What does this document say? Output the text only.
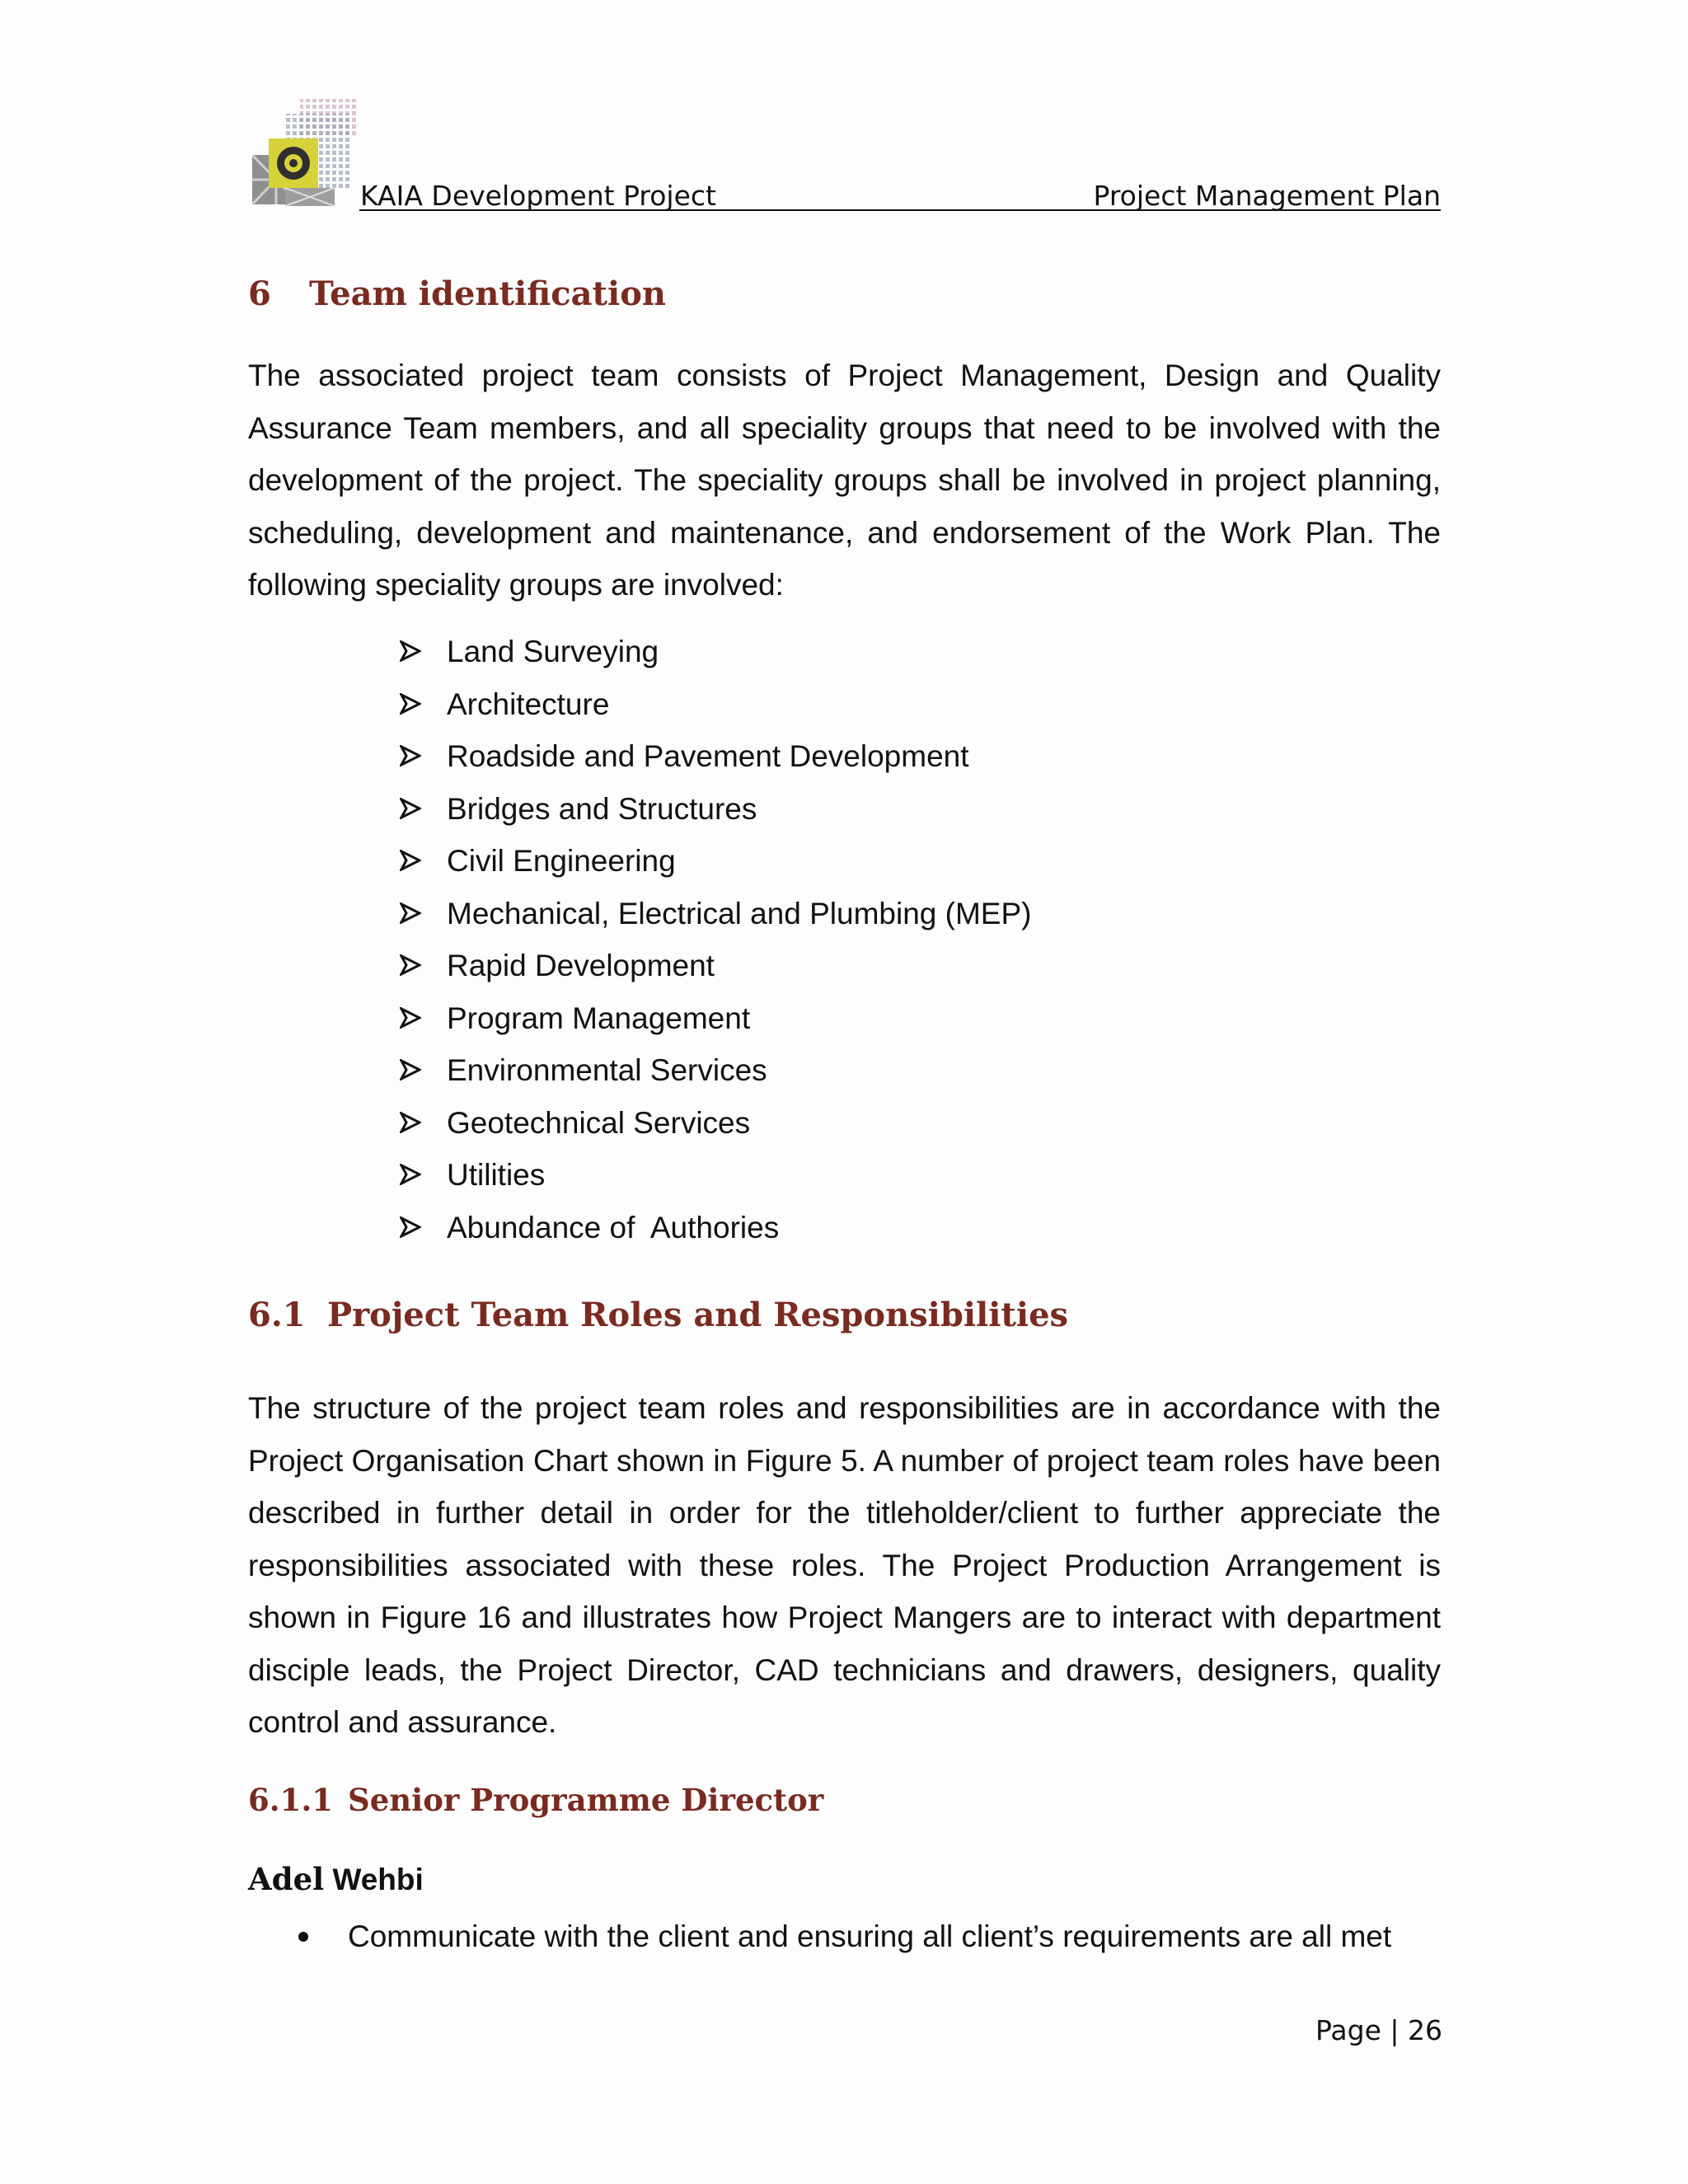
KAIA Development Project	Project Management Plan
6 Team identification
The associated project team consists of Project Management, Design and Quality Assurance Team members, and all speciality groups that need to be involved with the development of the project. The speciality groups shall be involved in project planning, scheduling, development and maintenance, and endorsement of the Work Plan. The following speciality groups are involved:
Land Surveying
Architecture
Roadside and Pavement Development
Bridges and Structures
Civil Engineering
Mechanical, Electrical and Plumbing (MEP)
Rapid Development
Program Management
Environmental Services
Geotechnical Services
Utilities
Abundance of  Authories
6.1 Project Team Roles and Responsibilities
The structure of the project team roles and responsibilities are in accordance with the Project Organisation Chart shown in Figure 5. A number of project team roles have been described in further detail in order for the titleholder/client to further appreciate the responsibilities associated with these roles. The Project Production Arrangement is shown in Figure 16 and illustrates how Project Mangers are to interact with department disciple leads, the Project Director, CAD technicians and drawers, designers, quality control and assurance.
6.1.1 Senior Programme Director
Adel Wehbi
Communicate with the client and ensuring all client’s requirements are all met
Page | 26
